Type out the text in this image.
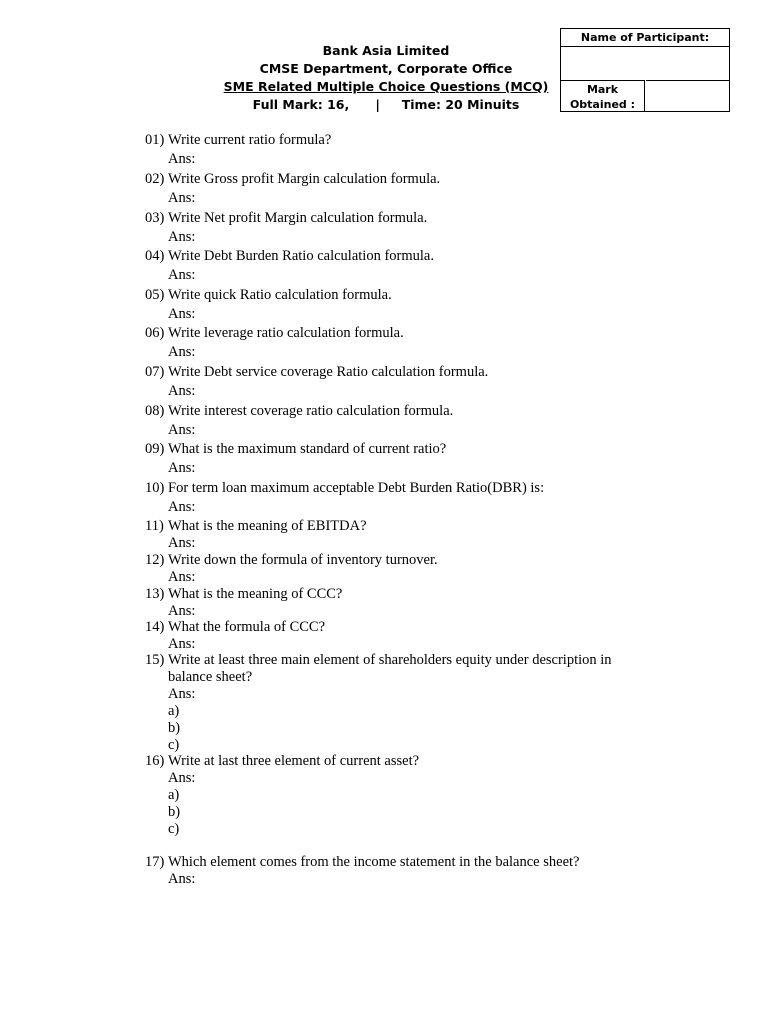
Bank Asia Limited
CMSE Department, Corporate Office
SME Related Multiple Choice Questions (MCQ)
Full Mark: 16,      |     Time: 20 Minuits
Name of Participant:
Mark
Obtained :
01) Write current ratio formula?
Ans:
02) Write Gross profit Margin calculation formula.
Ans:
03) Write Net profit Margin calculation formula.
Ans:
04) Write Debt Burden Ratio calculation formula.
Ans:
05) Write quick Ratio calculation formula.
Ans:
06) Write leverage ratio calculation formula.
Ans:
07) Write Debt service coverage Ratio calculation formula.
Ans:
08) Write interest coverage ratio calculation formula.
Ans:
09) What is the maximum standard of current ratio?
Ans:
10) For term loan maximum acceptable Debt Burden Ratio(DBR) is:
Ans:
11) What is the meaning of EBITDA?
Ans:
12) Write down the formula of inventory turnover.
Ans:
13) What is the meaning of CCC?
Ans:
14) What the formula of CCC?
Ans:
15) Write at least three main element of shareholders equity under description in
balance sheet?
Ans:
a)
b)
c)
16) Write at last three element of current asset?
Ans:
a)
b)
c)
17) Which element comes from the income statement in the balance sheet?
Ans:
